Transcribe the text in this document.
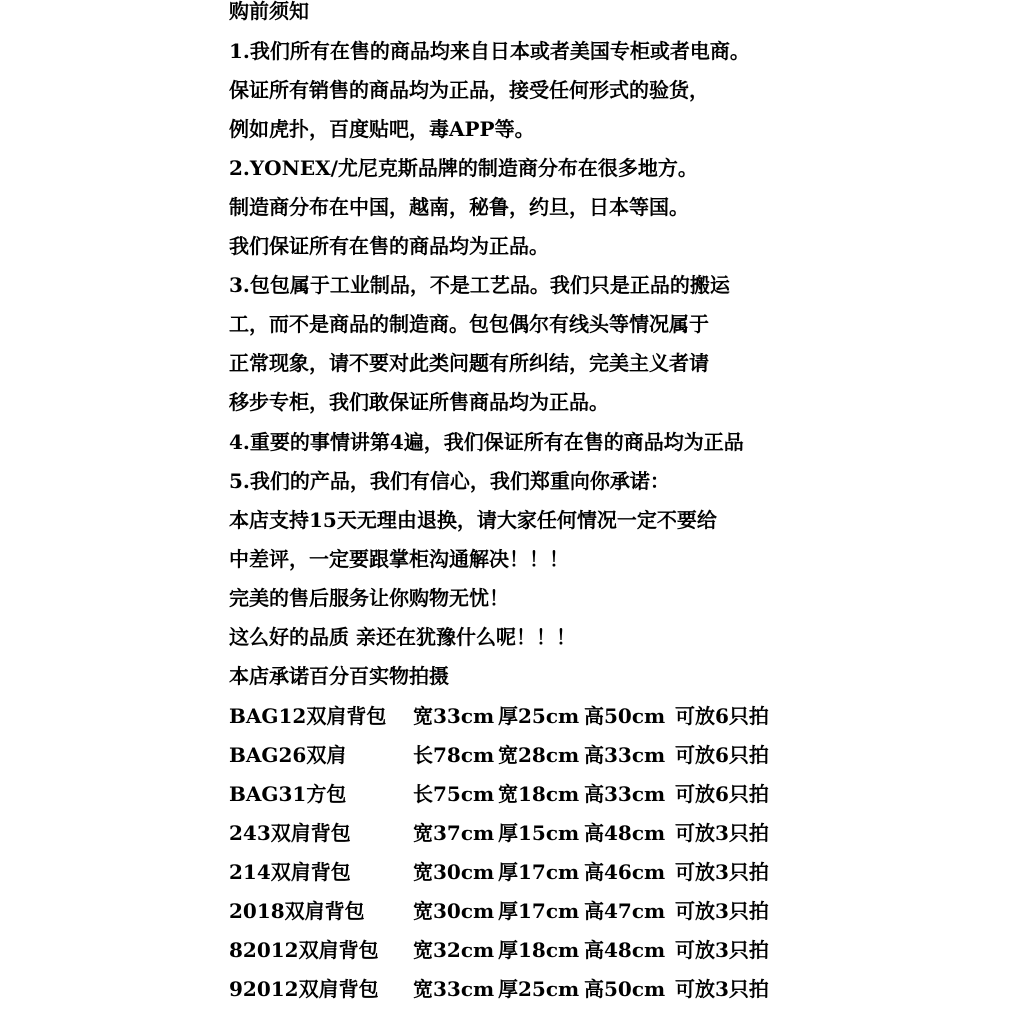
购前须知
1.我们所有在售的商品均来自日本或者美国专柜或者电商。
保证所有销售的商品均为正品，接受任何形式的验货，
例如虎扑，百度贴吧，毒APP等。
2.YONEX/尤尼克斯品牌的制造商分布在很多地方。
制造商分布在中国，越南，秘鲁，约旦，日本等国。
我们保证所有在售的商品均为正品。
3.包包属于工业制品，不是工艺品。我们只是正品的搬运
工，而不是商品的制造商。包包偶尔有线头等情况属于
正常现象，请不要对此类问题有所纠结，完美主义者请
移步专柜，我们敢保证所售商品均为正品。
4.重要的事情讲第4遍，我们保证所有在售的商品均为正品
5.我们的产品，我们有信心，我们郑重向你承诺：
本店支持15天无理由退换，请大家任何情况一定不要给
中差评，一定要跟掌柜沟通解决！！！
完美的售后服务让你购物无忧！
这么好的品质 亲还在犹豫什么呢！！！
本店承诺百分百实物拍摄
BAG12双肩背包 宽33cm 厚25cm 高50cm 可放6只拍
BAG26双肩	长78cm 宽28cm 高33cm 可放6只拍
BAG31方包	长75cm 宽18cm 高33cm 可放6只拍
243双肩背包	宽37cm 厚15cm 高48cm 可放3只拍
214双肩背包	宽30cm 厚17cm 高46cm 可放3只拍
2018双肩背包 宽30cm 厚17cm 高47cm 可放3只拍
82012双肩背包 宽32cm 厚18cm 高48cm 可放3只拍
92012双肩背包 宽33cm 厚25cm 高50cm 可放3只拍
